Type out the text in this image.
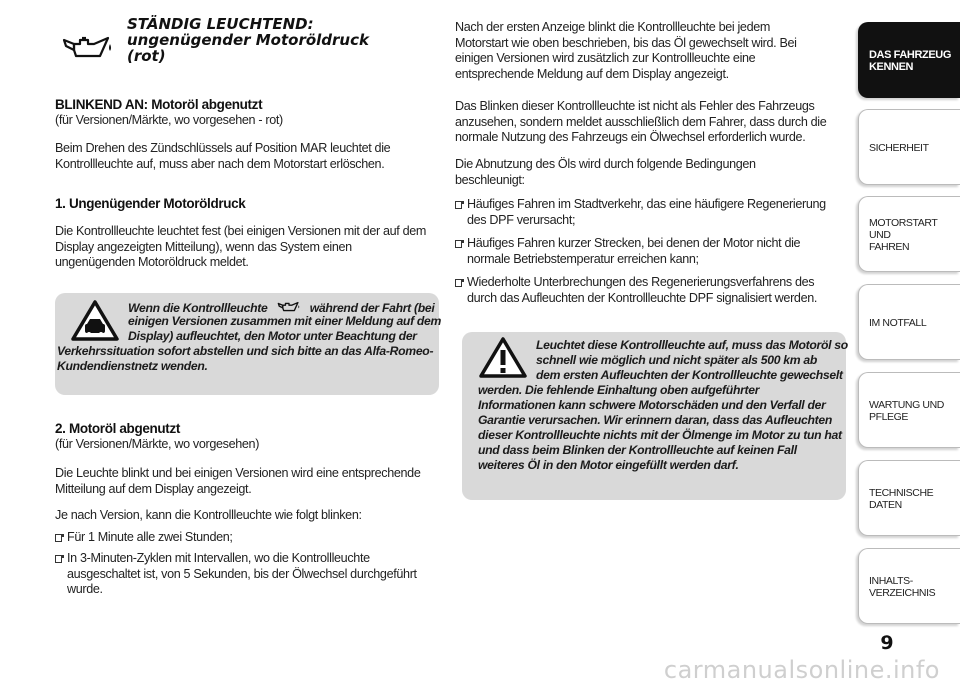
STÄNDIG LEUCHTEND:
ungenügender Motoröldruck
(rot)
BLINKEND AN: Motoröl abgenutzt
(für Versionen/Märkte, wo vorgesehen - rot)
Beim Drehen des Zündschlüssels auf Position MAR leuchtet die
Kontrollleuchte auf, muss aber nach dem Motorstart erlöschen.
1. Ungenügender Motoröldruck
Die Kontrollleuchte leuchtet fest (bei einigen Versionen mit der auf dem
Display angezeigten Mitteilung), wenn das System einen
ungenügenden Motoröldruck meldet.
Wenn die Kontrollleuchte	während der Fahrt (bei
einigen Versionen zusammen mit einer Meldung auf dem
Display) aufleuchtet, den Motor unter Beachtung der
Verkehrssituation sofort abstellen und sich bitte an das Alfa-Romeo-
Kundendienstnetz wenden.
2. Motoröl abgenutzt
(für Versionen/Märkte, wo vorgesehen)
Die Leuchte blinkt und bei einigen Versionen wird eine entsprechende
Mitteilung auf dem Display angezeigt.
Je nach Version, kann die Kontrollleuchte wie folgt blinken:
Für 1 Minute alle zwei Stunden;
In 3-Minuten-Zyklen mit Intervallen, wo die Kontrollleuchte
ausgeschaltet ist, von 5 Sekunden, bis der Ölwechsel durchgeführt
wurde.
Nach der ersten Anzeige blinkt die Kontrollleuchte bei jedem
Motorstart wie oben beschrieben, bis das Öl gewechselt wird. Bei
einigen Versionen wird zusätzlich zur Kontrollleuchte eine
entsprechende Meldung auf dem Display angezeigt.
Das Blinken dieser Kontrollleuchte ist nicht als Fehler des Fahrzeugs
anzusehen, sondern meldet ausschließlich dem Fahrer, dass durch die
normale Nutzung des Fahrzeugs ein Ölwechsel erforderlich wurde.
Die Abnutzung des Öls wird durch folgende Bedingungen
beschleunigt:
Häufiges Fahren im Stadtverkehr, das eine häufigere Regenerierung
des DPF verursacht;
Häufiges Fahren kurzer Strecken, bei denen der Motor nicht die
normale Betriebstemperatur erreichen kann;
Wiederholte Unterbrechungen des Regenerierungsverfahrens des
durch das Aufleuchten der Kontrollleuchte DPF signalisiert werden.
Leuchtet diese Kontrollleuchte auf, muss das Motoröl so
schnell wie möglich und nicht später als 500 km ab
dem ersten Aufleuchten der Kontrollleuchte gewechselt
werden. Die fehlende Einhaltung oben aufgeführter
Informationen kann schwere Motorschäden und den Verfall der
Garantie verursachen. Wir erinnern daran, dass das Aufleuchten
dieser Kontrollleuchte nichts mit der Ölmenge im Motor zu tun hat
und dass beim Blinken der Kontrollleuchte auf keinen Fall
weiteres Öl in den Motor eingefüllt werden darf.
DAS FAHRZEUG
KENNEN
SICHERHEIT
MOTORSTART UND
FAHREN
IM NOTFALL
WARTUNG UND
PFLEGE
TECHNISCHE DATEN
INHALTS-
VERZEICHNIS
9
carmanualsonline.info
